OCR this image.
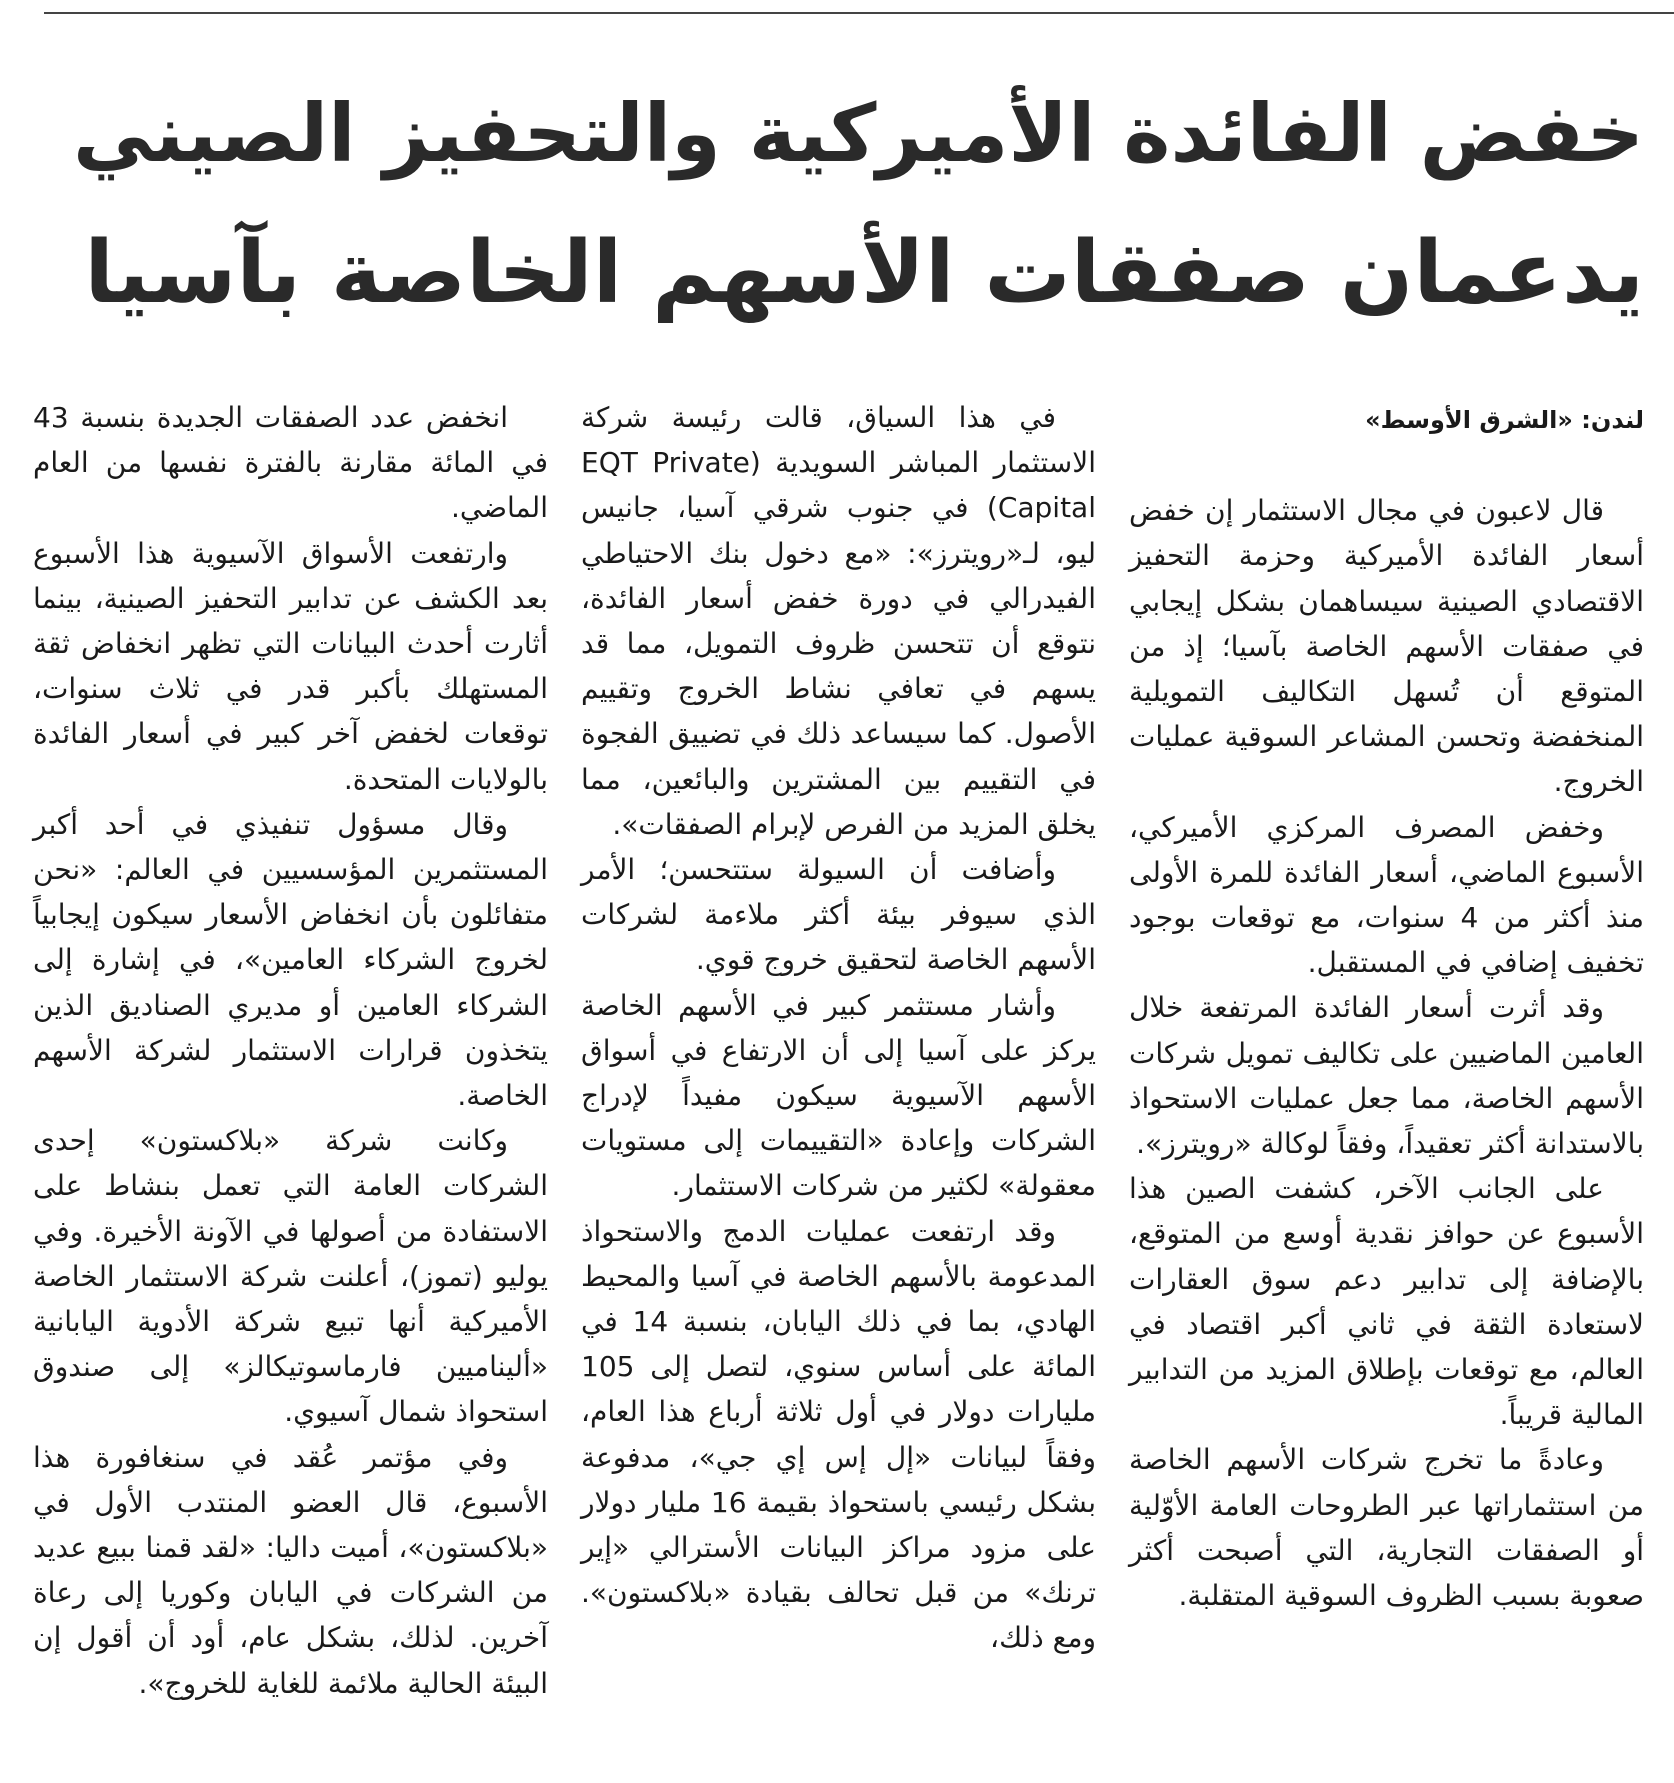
خفض الفائدة الأميركية والتحفيز الصيني
يدعمان صفقات الأسهم الخاصة بآسيا

لندن: «الشرق الأوسط»

قال لاعبون في مجال الاستثمار إن خفض أسعار الفائدة الأميركية وحزمة التحفيز الاقتصادي الصينية سيساهمان بشكل إيجابي في صفقات الأسهم الخاصة بآسيا؛ إذ من المتوقع أن تُسهل التكاليف التمويلية المنخفضة وتحسن المشاعر السوقية عمليات الخروج.

وخفض المصرف المركزي الأميركي، الأسبوع الماضي، أسعار الفائدة للمرة الأولى منذ أكثر من 4 سنوات، مع توقعات بوجود تخفيف إضافي في المستقبل.

وقد أثرت أسعار الفائدة المرتفعة خلال العامين الماضيين على تكاليف تمويل شركات الأسهم الخاصة، مما جعل عمليات الاستحواذ بالاستدانة أكثر تعقيداً، وفقاً لوكالة «رويترز».

على الجانب الآخر، كشفت الصين هذا الأسبوع عن حوافز نقدية أوسع من المتوقع، بالإضافة إلى تدابير دعم سوق العقارات لاستعادة الثقة في ثاني أكبر اقتصاد في العالم، مع توقعات بإطلاق المزيد من التدابير المالية قريباً.

وعادةً ما تخرج شركات الأسهم الخاصة من استثماراتها عبر الطروحات العامة الأوّلية أو الصفقات التجارية، التي أصبحت أكثر صعوبة بسبب الظروف السوقية المتقلبة.

في هذا السياق، قالت رئيسة شركة الاستثمار المباشر السويدية (EQT Private Capital) في جنوب شرقي آسيا، جانيس ليو، لـ«رويترز»: «مع دخول بنك الاحتياطي الفيدرالي في دورة خفض أسعار الفائدة، نتوقع أن تتحسن ظروف التمويل، مما قد يسهم في تعافي نشاط الخروج وتقييم الأصول. كما سيساعد ذلك في تضييق الفجوة في التقييم بين المشترين والبائعين، مما يخلق المزيد من الفرص لإبرام الصفقات».

وأضافت أن السيولة ستتحسن؛ الأمر الذي سيوفر بيئة أكثر ملاءمة لشركات الأسهم الخاصة لتحقيق خروج قوي.

وأشار مستثمر كبير في الأسهم الخاصة يركز على آسيا إلى أن الارتفاع في أسواق الأسهم الآسيوية سيكون مفيداً لإدراج الشركات وإعادة «التقييمات إلى مستويات معقولة» لكثير من شركات الاستثمار.

وقد ارتفعت عمليات الدمج والاستحواذ المدعومة بالأسهم الخاصة في آسيا والمحيط الهادي، بما في ذلك اليابان، بنسبة 14 في المائة على أساس سنوي، لتصل إلى 105 مليارات دولار في أول ثلاثة أرباع هذا العام، وفقاً لبيانات «إل إس إي جي»، مدفوعة بشكل رئيسي باستحواذ بقيمة 16 مليار دولار على مزود مراكز البيانات الأسترالي «إير ترنك» من قبل تحالف بقيادة «بلاكستون». ومع ذلك،

انخفض عدد الصفقات الجديدة بنسبة 43 في المائة مقارنة بالفترة نفسها من العام الماضي.

وارتفعت الأسواق الآسيوية هذا الأسبوع بعد الكشف عن تدابير التحفيز الصينية، بينما أثارت أحدث البيانات التي تظهر انخفاض ثقة المستهلك بأكبر قدر في ثلاث سنوات، توقعات لخفض آخر كبير في أسعار الفائدة بالولايات المتحدة.

وقال مسؤول تنفيذي في أحد أكبر المستثمرين المؤسسيين في العالم: «نحن متفائلون بأن انخفاض الأسعار سيكون إيجابياً لخروج الشركاء العامين»، في إشارة إلى الشركاء العامين أو مديري الصناديق الذين يتخذون قرارات الاستثمار لشركة الأسهم الخاصة.

وكانت شركة «بلاكستون» إحدى الشركات العامة التي تعمل بنشاط على الاستفادة من أصولها في الآونة الأخيرة. وفي يوليو (تموز)، أعلنت شركة الاستثمار الخاصة الأميركية أنها تبيع شركة الأدوية اليابانية «أليناميين فارماسوتيكالز» إلى صندوق استحواذ شمال آسيوي.

وفي مؤتمر عُقد في سنغافورة هذا الأسبوع، قال العضو المنتدب الأول في «بلاكستون»، أميت داليا: «لقد قمنا ببيع عديد من الشركات في اليابان وكوريا إلى رعاة آخرين. لذلك، بشكل عام، أود أن أقول إن البيئة الحالية ملائمة للغاية للخروج».
